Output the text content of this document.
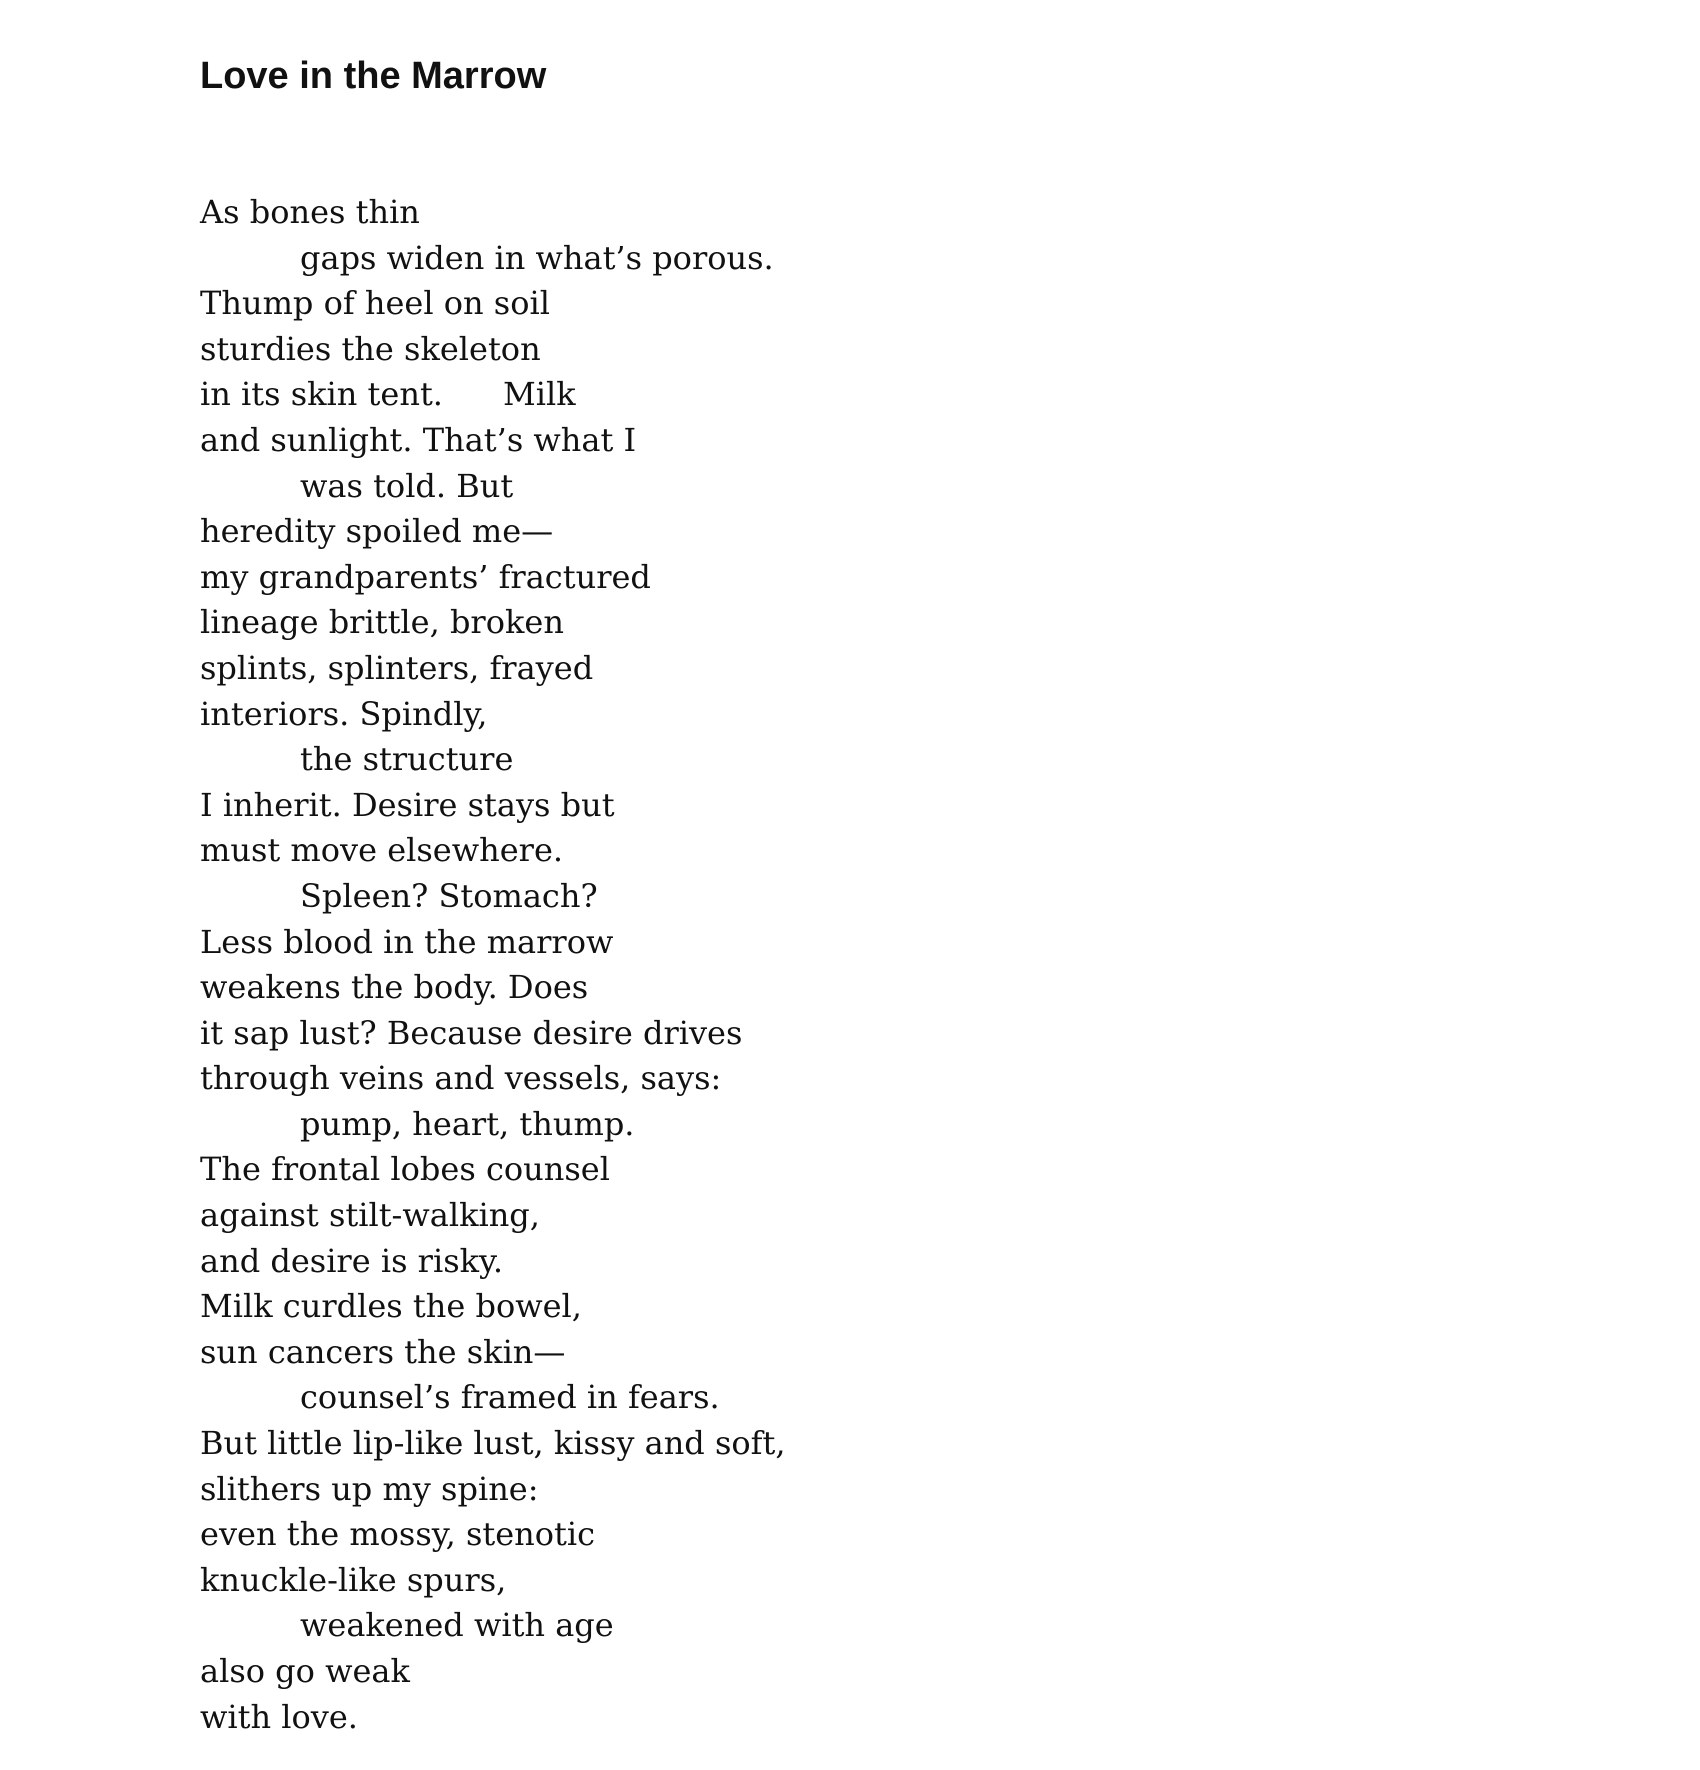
Love in the Marrow
As bones thin
gaps widen in what’s porous.
Thump of heel on soil
sturdies the skeleton
in its skin tent. Milk
and sunlight. That’s what I
was told. But
heredity spoiled me—
my grandparents’ fractured
lineage brittle, broken
splints, splinters, frayed
interiors. Spindly,
the structure
I inherit. Desire stays but
must move elsewhere.
Spleen? Stomach?
Less blood in the marrow
weakens the body. Does
it sap lust? Because desire drives
through veins and vessels, says:
pump, heart, thump.
The frontal lobes counsel
against stilt-walking,
and desire is risky.
Milk curdles the bowel,
sun cancers the skin—
counsel’s framed in fears.
But little lip-like lust, kissy and soft,
slithers up my spine:
even the mossy, stenotic
knuckle-like spurs,
weakened with age
also go weak
with love.
